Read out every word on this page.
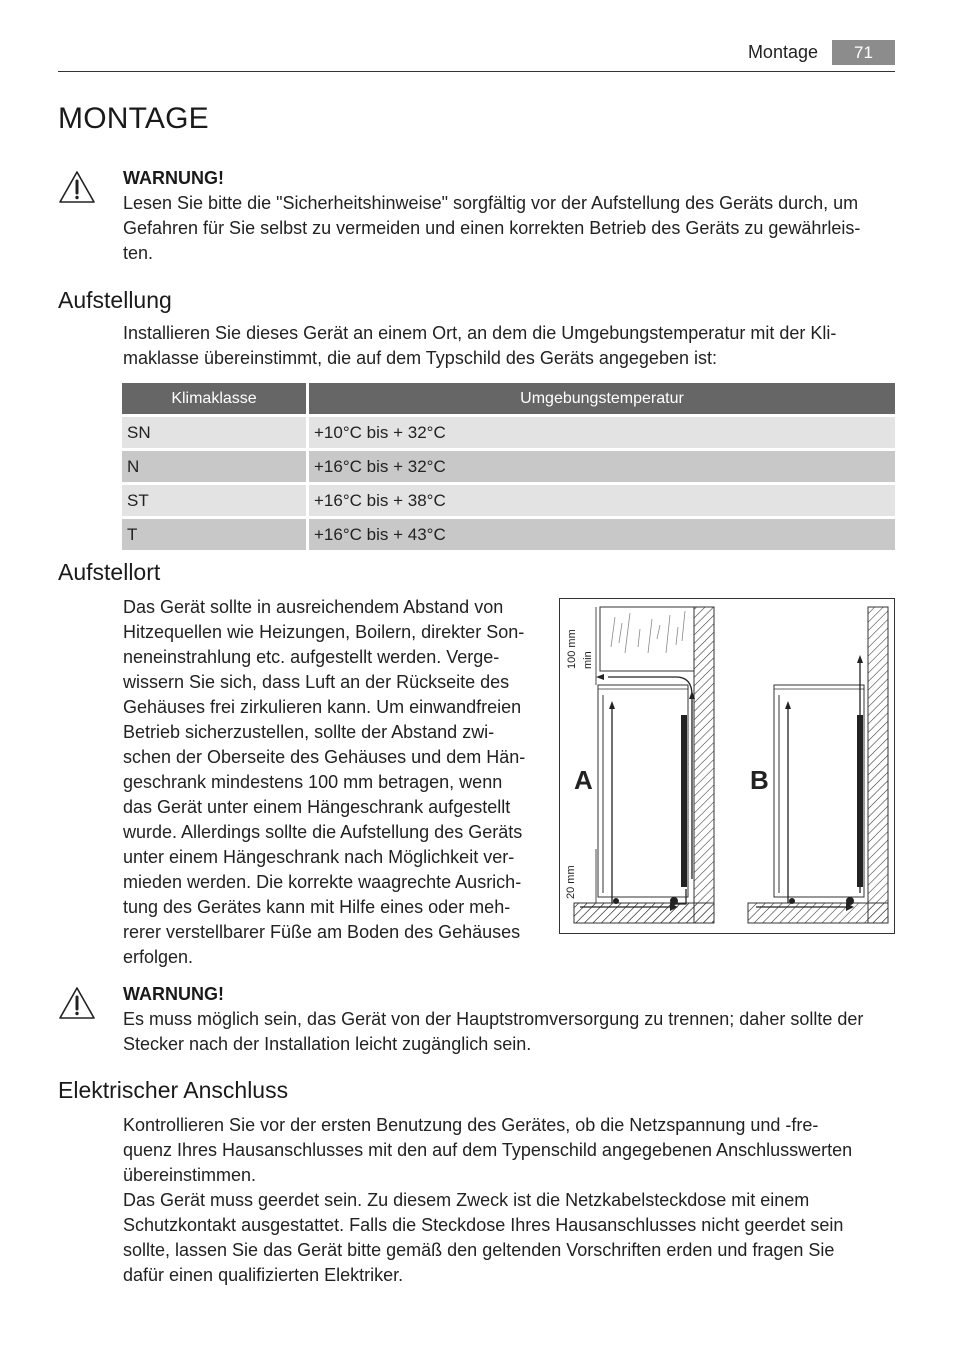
Montage	71
MONTAGE
WARNUNG!
Lesen Sie bitte die "Sicherheitshinweise" sorgfältig vor der Aufstellung des Geräts durch, um
Gefahren für Sie selbst zu vermeiden und einen korrekten Betrieb des Geräts zu gewährleis-
ten.
Aufstellung
Installieren Sie dieses Gerät an einem Ort, an dem die Umgebungstemperatur mit der Kli-
maklasse übereinstimmt, die auf dem Typschild des Geräts angegeben ist:
Klimaklasse	Umgebungstemperatur
SN	+10°C bis + 32°C
N	+16°C bis + 32°C
ST	+16°C bis + 38°C
T	+16°C bis + 43°C
Aufstellort
Das Gerät sollte in ausreichendem Abstand von
Hitzequellen wie Heizungen, Boilern, direkter Son-
neneinstrahlung etc. aufgestellt werden. Verge-
wissern Sie sich, dass Luft an der Rückseite des
Gehäuses frei zirkulieren kann. Um einwandfreien
Betrieb sicherzustellen, sollte der Abstand zwi-
schen der Oberseite des Gehäuses und dem Hän-
geschrank mindestens 100 mm betragen, wenn
das Gerät unter einem Hängeschrank aufgestellt
wurde. Allerdings sollte die Aufstellung des Geräts
unter einem Hängeschrank nach Möglichkeit ver-
mieden werden. Die korrekte waagrechte Ausrich-
tung des Gerätes kann mit Hilfe eines oder meh-
rerer verstellbarer Füße am Boden des Gehäuses
erfolgen.
A
100 mm min
20 mm
B
WARNUNG!
Es muss möglich sein, das Gerät von der Hauptstromversorgung zu trennen; daher sollte der
Stecker nach der Installation leicht zugänglich sein.
Elektrischer Anschluss
Kontrollieren Sie vor der ersten Benutzung des Gerätes, ob die Netzspannung und -fre-
quenz Ihres Hausanschlusses mit den auf dem Typenschild angegebenen Anschlusswerten
übereinstimmen.
Das Gerät muss geerdet sein. Zu diesem Zweck ist die Netzkabelsteckdose mit einem
Schutzkontakt ausgestattet. Falls die Steckdose Ihres Hausanschlusses nicht geerdet sein
sollte, lassen Sie das Gerät bitte gemäß den geltenden Vorschriften erden und fragen Sie
dafür einen qualifizierten Elektriker.
